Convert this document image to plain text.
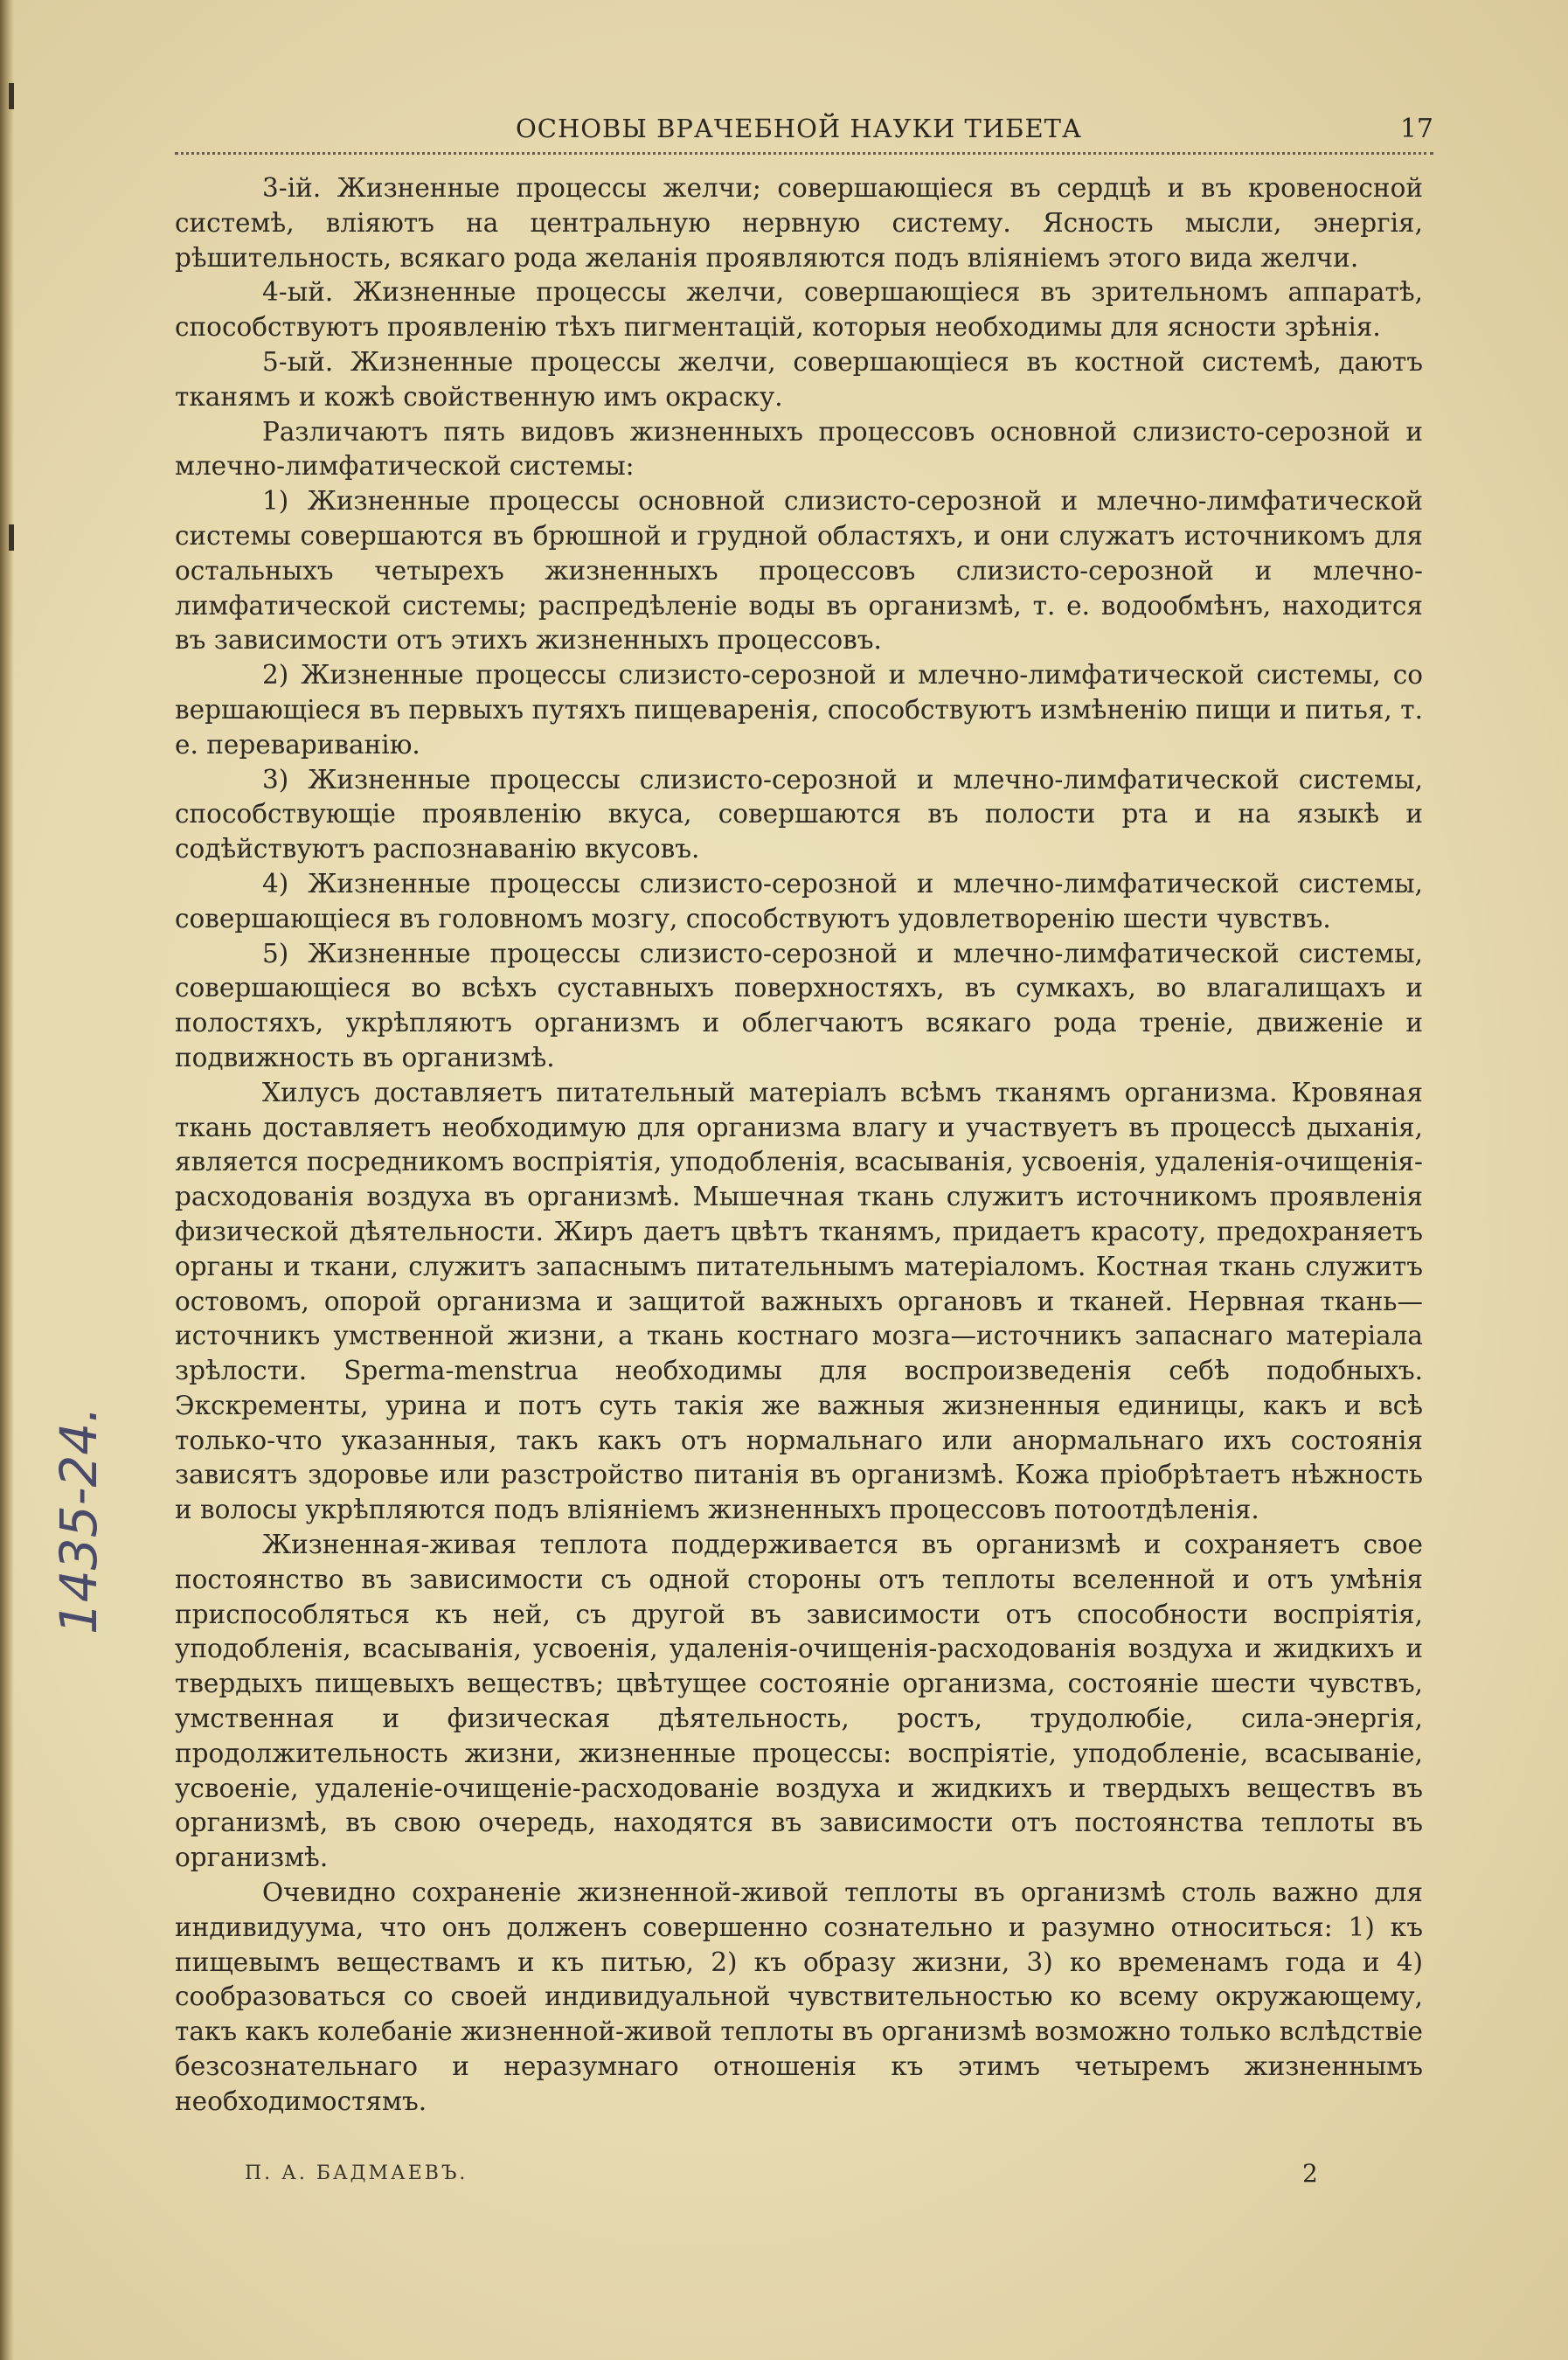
ОСНОВЫ ВРАЧЕБНОЙ НАУКИ ТИБЕТА	17

3-ій. Жизненные процессы желчи; совершающіеся въ сердцѣ и въ кровеносной системѣ, вліяютъ на центральную нервную систему. Ясность мысли, энергія, рѣшительность, всякаго рода желанія проявляются подъ вліяніемъ этого вида желчи.

4-ый. Жизненные процессы желчи, совершающіеся въ зрительномъ аппаратѣ, способствуютъ проявленію тѣхъ пигментацій, которыя необходимы для ясности зрѣнія.

5-ый. Жизненные процессы желчи, совершающіеся въ костной системѣ, даютъ тканямъ и кожѣ свойственную имъ окраску.

Различаютъ пять видовъ жизненныхъ процессовъ основной слизисто-серозной и млечно-лимфатической системы:

1) Жизненные процессы основной слизисто-серозной и млечно-лимфатической системы совершаются въ брюшной и грудной областяхъ, и они служатъ источникомъ для остальныхъ четырехъ жизненныхъ процессовъ слизисто-серозной и млечно-лимфатической системы; распредѣленіе воды въ организмѣ, т. е. водообмѣнъ, находится въ зависимости отъ этихъ жизненныхъ процессовъ.

2) Жизненные процессы слизисто-серозной и млечно-лимфатической системы, со вершающіеся въ первыхъ путяхъ пищеваренія, способствуютъ измѣненію пищи и питья, т. е. перевариванію.

3) Жизненные процессы слизисто-серозной и млечно-лимфатической системы, способствующіе проявленію вкуса, совершаются въ полости рта и на языкѣ и содѣйствуютъ распознаванію вкусовъ.

4) Жизненные процессы слизисто-серозной и млечно-лимфатической системы, совершающіеся въ головномъ мозгу, способствуютъ удовлетворенію шести чувствъ.

5) Жизненные процессы слизисто-серозной и млечно-лимфатической системы, совершающіеся во всѣхъ суставныхъ поверхностяхъ, въ сумкахъ, во влагалищахъ и полостяхъ, укрѣпляютъ организмъ и облегчаютъ всякаго рода треніе, движеніе и подвижность въ организмѣ.

Хилусъ доставляетъ питательный матеріалъ всѣмъ тканямъ организма. Кровяная ткань доставляетъ необходимую для организма влагу и участвуетъ въ процессѣ дыханія, является посредникомъ воспріятія, уподобленія, всасыванія, усвоенія, удаленія-очищенія-расходованія воздуха въ организмѣ. Мышечная ткань служитъ источникомъ проявленія физической дѣятельности. Жиръ даетъ цвѣтъ тканямъ, придаетъ красоту, предохраняетъ органы и ткани, служитъ запаснымъ питательнымъ матеріаломъ. Костная ткань служитъ остовомъ, опорой организма и защитой важныхъ органовъ и тканей. Нервная ткань—источникъ умственной жизни, а ткань костнаго мозга—источникъ запаснаго матеріала зрѣлости. Sperma-menstrua необходимы для воспроизведенія себѣ подобныхъ. Экскременты, урина и потъ суть такія же важныя жизненныя единицы, какъ и всѣ только-что указанныя, такъ какъ отъ нормальнаго или анормальнаго ихъ состоянія зависятъ здоровье или разстройство питанія въ организмѣ. Кожа пріобрѣтаетъ нѣжность и волосы укрѣпляются подъ вліяніемъ жизненныхъ процессовъ потоотдѣленія.

Жизненная-живая теплота поддерживается въ организмѣ и сохраняетъ свое постоянство въ зависимости съ одной стороны отъ теплоты вселенной и отъ умѣнія приспособляться къ ней, съ другой въ зависимости отъ способности воспріятія, уподобленія, всасыванія, усвоенія, удаленія-очищенія-расходованія воздуха и жидкихъ и твердыхъ пищевыхъ веществъ; цвѣтущее состояніе организма, состояніе шести чувствъ, умственная и физическая дѣятельность, ростъ, трудолюбіе, сила-энергія, продолжительность жизни, жизненные процессы: воспріятіе, уподобленіе, всасываніе, усвоеніе, удаленіе-очищеніе-расходованіе воздуха и жидкихъ и твердыхъ веществъ въ организмѣ, въ свою очередь, находятся въ зависимости отъ постоянства теплоты въ организмѣ.

Очевидно сохраненіе жизненной-живой теплоты въ организмѣ столь важно для индивидуума, что онъ долженъ совершенно сознательно и разумно относиться: 1) къ пищевымъ веществамъ и къ питью, 2) къ образу жизни, 3) ко временамъ года и 4) сообразоваться со своей индивидуальной чувствительностью ко всему окружающему, такъ какъ колебаніе жизненной-живой теплоты въ организмѣ возможно только вслѣдствіе безсознательнаго и неразумнаго отношенія къ этимъ четыремъ жизненнымъ необходимостямъ.

П. А. БАДМАЕВЪ.	2
1435-24.
